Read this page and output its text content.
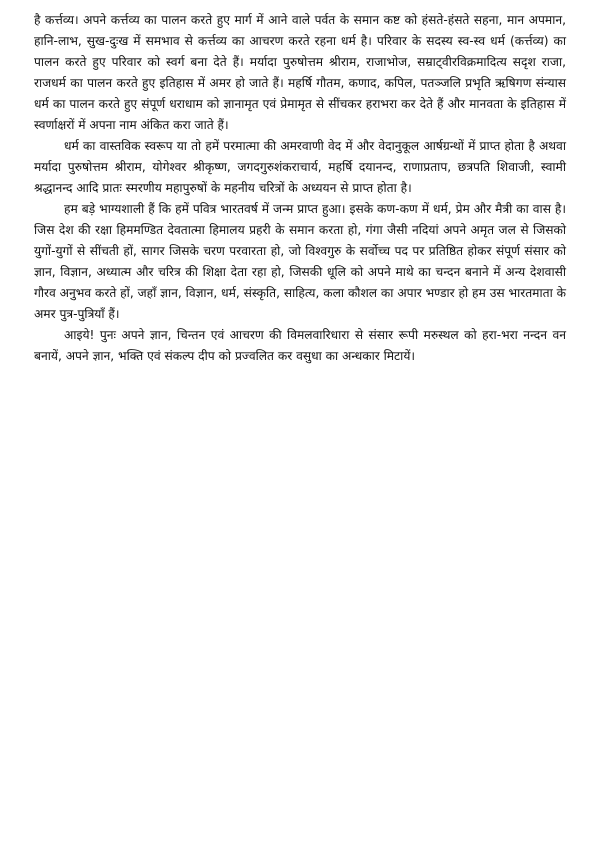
है कर्त्तव्य। अपने कर्त्तव्य का पालन करते हुए मार्ग में आने वाले पर्वत के समान कष्ट को हंसते-हंसते सहना, मान अपमान, हानि-लाभ, सुख-दुःख में समभाव से कर्त्तव्य का आचरण करते रहना धर्म है। परिवार के सदस्य स्व-स्व धर्म (कर्त्तव्य) का पालन करते हुए परिवार को स्वर्ग बना देते हैं। मर्यादा पुरुषोत्तम श्रीराम, राजाभोज, सम्राट्वीरविक्रमादित्य सदृश राजा, राजधर्म का पालन करते हुए इतिहास में अमर हो जाते हैं। महर्षि गौतम, कणाद, कपिल, पतञ्जलि प्रभृति ऋषिगण संन्यास धर्म का पालन करते हुए संपूर्ण धराधाम को ज्ञानामृत एवं प्रेमामृत से सींचकर हराभरा कर देते हैं और मानवता के इतिहास में स्वर्णाक्षरों में अपना नाम अंकित करा जाते हैं।

धर्म का वास्तविक स्वरूप या तो हमें परमात्मा की अमरवाणी वेद में और वेदानुकूल आर्षग्रन्थों में प्राप्त होता है अथवा मर्यादा पुरुषोत्तम श्रीराम, योगेश्वर श्रीकृष्ण, जगदगुरुशंकराचार्य, महर्षि दयानन्द, राणाप्रताप, छत्रपति शिवाजी, स्वामी श्रद्धानन्द आदि प्रातः स्मरणीय महापुरुषों के महनीय चरित्रों के अध्ययन से प्राप्त होता है।

हम बड़े भाग्यशाली हैं कि हमें पवित्र भारतवर्ष में जन्म प्राप्त हुआ। इसके कण-कण में धर्म, प्रेम और मैत्री का वास है। जिस देश की रक्षा हिममण्डित देवतात्मा हिमालय प्रहरी के समान करता हो, गंगा जैसी नदियां अपने अमृत जल से जिसको युगों-युगों से सींचती हों, सागर जिसके चरण परवारता हो, जो विश्वगुरु के सर्वोच्च पद पर प्रतिष्ठित होकर संपूर्ण संसार को ज्ञान, विज्ञान, अध्यात्म और चरित्र की शिक्षा देता रहा हो, जिसकी धूलि को अपने माथे का चन्दन बनाने में अन्य देशवासी गौरव अनुभव करते हों, जहाँ ज्ञान, विज्ञान, धर्म, संस्कृति, साहित्य, कला कौशल का अपार भण्डार हो हम उस भारतमाता के अमर पुत्र-पुत्रियाँ हैं।

आइये! पुनः अपने ज्ञान, चिन्तन एवं आचरण की विमलवारिधारा से संसार रूपी मरुस्थल को हरा-भरा नन्दन वन बनायें, अपने ज्ञान, भक्ति एवं संकल्प दीप को प्रज्वलित कर वसुधा का अन्धकार मिटायें।
